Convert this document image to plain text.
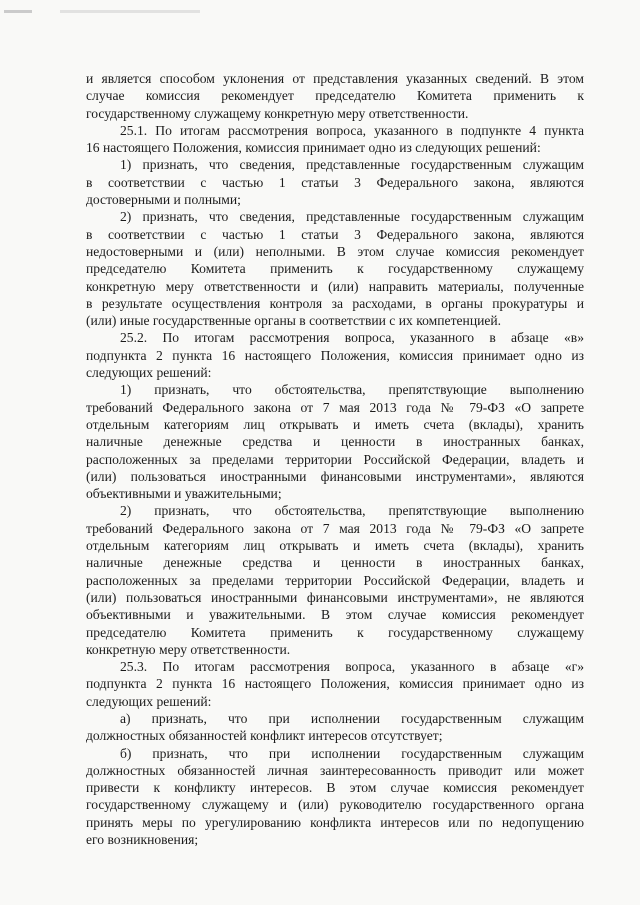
и является способом уклонения от представления указанных сведений. В этом
случае комиссия рекомендует председателю Комитета применить к
государственному служащему конкретную меру ответственности.
25.1. По итогам рассмотрения вопроса, указанного в подпункте 4 пункта
16 настоящего Положения, комиссия принимает одно из следующих решений:
1) признать, что сведения, представленные государственным служащим
в соответствии с частью 1 статьи 3 Федерального закона, являются
достоверными и полными;
2) признать, что сведения, представленные государственным служащим
в соответствии с частью 1 статьи 3 Федерального закона, являются
недостоверными и (или) неполными. В этом случае комиссия рекомендует
председателю Комитета применить к государственному служащему
конкретную меру ответственности и (или) направить материалы, полученные
в результате осуществления контроля за расходами, в органы прокуратуры и
(или) иные государственные органы в соответствии с их компетенцией.
25.2. По итогам рассмотрения вопроса, указанного в абзаце «в»
подпункта 2 пункта 16 настоящего Положения, комиссия принимает одно из
следующих решений:
1) признать, что обстоятельства, препятствующие выполнению
требований Федерального закона от 7 мая 2013 года № 79-ФЗ «О запрете
отдельным категориям лиц открывать и иметь счета (вклады), хранить
наличные денежные средства и ценности в иностранных банках,
расположенных за пределами территории Российской Федерации, владеть и
(или) пользоваться иностранными финансовыми инструментами», являются
объективными и уважительными;
2) признать, что обстоятельства, препятствующие выполнению
требований Федерального закона от 7 мая 2013 года № 79-ФЗ «О запрете
отдельным категориям лиц открывать и иметь счета (вклады), хранить
наличные денежные средства и ценности в иностранных банках,
расположенных за пределами территории Российской Федерации, владеть и
(или) пользоваться иностранными финансовыми инструментами», не являются
объективными и уважительными. В этом случае комиссия рекомендует
председателю Комитета применить к государственному служащему
конкретную меру ответственности.
25.3. По итогам рассмотрения вопроса, указанного в абзаце «г»
подпункта 2 пункта 16 настоящего Положения, комиссия принимает одно из
следующих решений:
а) признать, что при исполнении государственным служащим
должностных обязанностей конфликт интересов отсутствует;
б) признать, что при исполнении государственным служащим
должностных обязанностей личная заинтересованность приводит или может
привести к конфликту интересов. В этом случае комиссия рекомендует
государственному служащему и (или) руководителю государственного органа
принять меры по урегулированию конфликта интересов или по недопущению
его возникновения;
